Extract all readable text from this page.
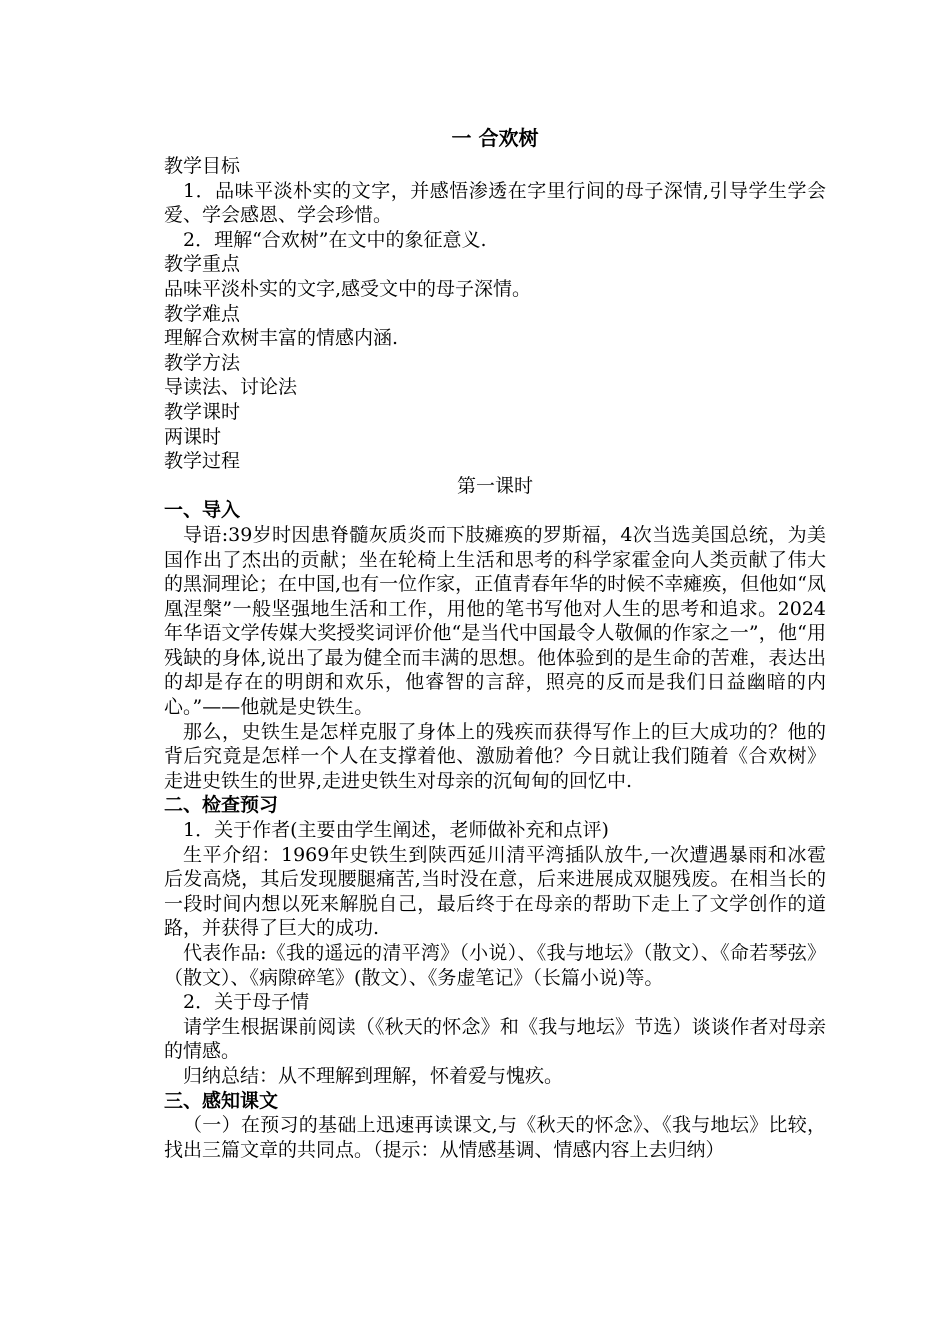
一 合欢树
教学目标
1．品味平淡朴实的文字，并感悟渗透在字里行间的母子深情,引导学生学会爱、学会感恩、学会珍惜。
2．理解“合欢树”在文中的象征意义.
教学重点
品味平淡朴实的文字,感受文中的母子深情。
教学难点
理解合欢树丰富的情感内涵.
教学方法
导读法、讨论法
教学课时
两课时
教学过程
第一课时
一、导入
导语:39岁时因患脊髓灰质炎而下肢瘫痪的罗斯福，4次当选美国总统，为美国作出了杰出的贡献；坐在轮椅上生活和思考的科学家霍金向人类贡献了伟大的黑洞理论；在中国,也有一位作家，正值青春年华的时候不幸瘫痪，但他如“凤凰涅槃”一般坚强地生活和工作，用他的笔书写他对人生的思考和追求。2024年华语文学传媒大奖授奖词评价他“是当代中国最令人敬佩的作家之一”，他“用残缺的身体,说出了最为健全而丰满的思想。他体验到的是生命的苦难，表达出的却是存在的明朗和欢乐，他睿智的言辞，照亮的反而是我们日益幽暗的内心。”——他就是史铁生。
那么，史铁生是怎样克服了身体上的残疾而获得写作上的巨大成功的？他的背后究竟是怎样一个人在支撑着他、激励着他？今日就让我们随着《合欢树》走进史铁生的世界,走进史铁生对母亲的沉甸甸的回忆中.
二、检查预习
1．关于作者(主要由学生阐述，老师做补充和点评)
生平介绍：1969年史铁生到陕西延川清平湾插队放牛,一次遭遇暴雨和冰雹后发高烧，其后发现腰腿痛苦,当时没在意，后来进展成双腿残废。在相当长的一段时间内想以死来解脱自己，最后终于在母亲的帮助下走上了文学创作的道路，并获得了巨大的成功.
代表作品:《我的遥远的清平湾》（小说）、《我与地坛》（散文）、《命若琴弦》（散文）、《病隙碎笔》(散文）、《务虚笔记》（长篇小说)等。
2．关于母子情
请学生根据课前阅读（《秋天的怀念》和《我与地坛》节选）谈谈作者对母亲的情感。
归纳总结：从不理解到理解，怀着爱与愧疚。
三、感知课文
（一）在预习的基础上迅速再读课文,与《秋天的怀念》、《我与地坛》比较，找出三篇文章的共同点。（提示：从情感基调、情感内容上去归纳）
